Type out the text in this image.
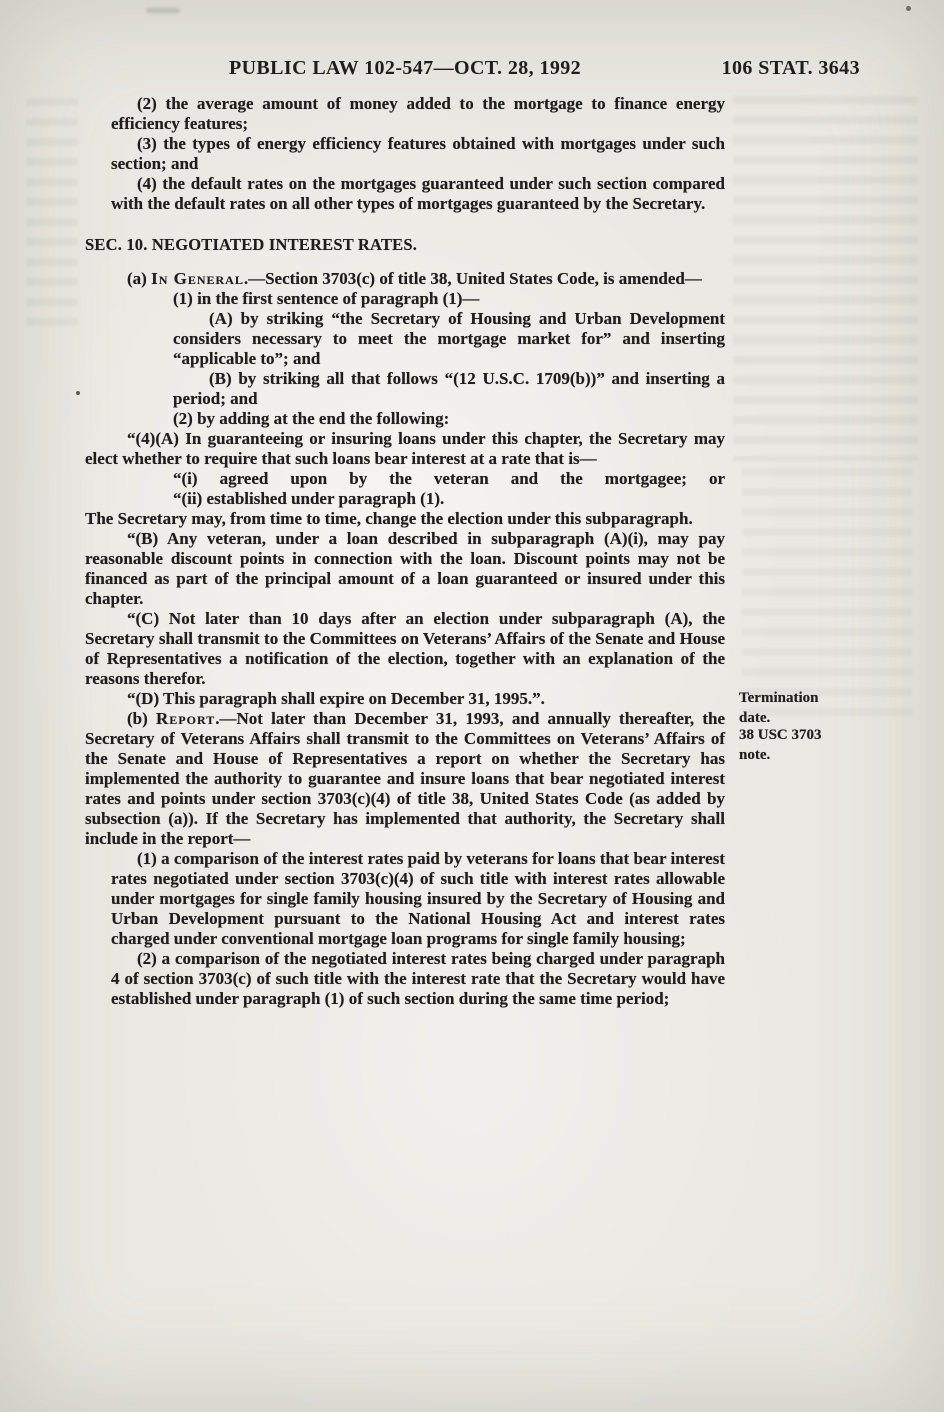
PUBLIC LAW 102-547—OCT. 28, 1992	106 STAT. 3643

(2) the average amount of money added to the mortgage to finance energy efficiency features;

(3) the types of energy efficiency features obtained with mortgages under such section; and

(4) the default rates on the mortgages guaranteed under such section compared with the default rates on all other types of mortgages guaranteed by the Secretary.

SEC. 10. NEGOTIATED INTEREST RATES.

(a) In General.—Section 3703(c) of title 38, United States Code, is amended—

(1) in the first sentence of paragraph (1)—

(A) by striking “the Secretary of Housing and Urban Development considers necessary to meet the mortgage market for” and inserting “applicable to”; and

(B) by striking all that follows “(12 U.S.C. 1709(b))” and inserting a period; and

(2) by adding at the end the following:

“(4)(A) In guaranteeing or insuring loans under this chapter, the Secretary may elect whether to require that such loans bear interest at a rate that is—

“(i) agreed upon by the veteran and the mortgagee; or

“(ii) established under paragraph (1).

The Secretary may, from time to time, change the election under this subparagraph.

“(B) Any veteran, under a loan described in subparagraph (A)(i), may pay reasonable discount points in connection with the loan. Discount points may not be financed as part of the principal amount of a loan guaranteed or insured under this chapter.

“(C) Not later than 10 days after an election under subparagraph (A), the Secretary shall transmit to the Committees on Veterans’ Affairs of the Senate and House of Representatives a notification of the election, together with an explanation of the reasons therefor.

“(D) This paragraph shall expire on December 31, 1995.”.	Termination
date.

(b) Report.—Not later than December 31, 1993, and annually thereafter, the Secretary of Veterans Affairs shall transmit to the Committees on Veterans’ Affairs of the Senate and House of Representatives a report on whether the Secretary has implemented the authority to guarantee and insure loans that bear negotiated interest rates and points under section 3703(c)(4) of title 38, United States Code (as added by subsection (a)). If the Secretary has implemented that authority, the Secretary shall include in the report—
38 USC 3703
note.

(1) a comparison of the interest rates paid by veterans for loans that bear interest rates negotiated under section 3703(c)(4) of such title with interest rates allowable under mortgages for single family housing insured by the Secretary of Housing and Urban Development pursuant to the National Housing Act and interest rates charged under conventional mortgage loan programs for single family housing;

(2) a comparison of the negotiated interest rates being charged under paragraph 4 of section 3703(c) of such title with the interest rate that the Secretary would have established under paragraph (1) of such section during the same time period;
